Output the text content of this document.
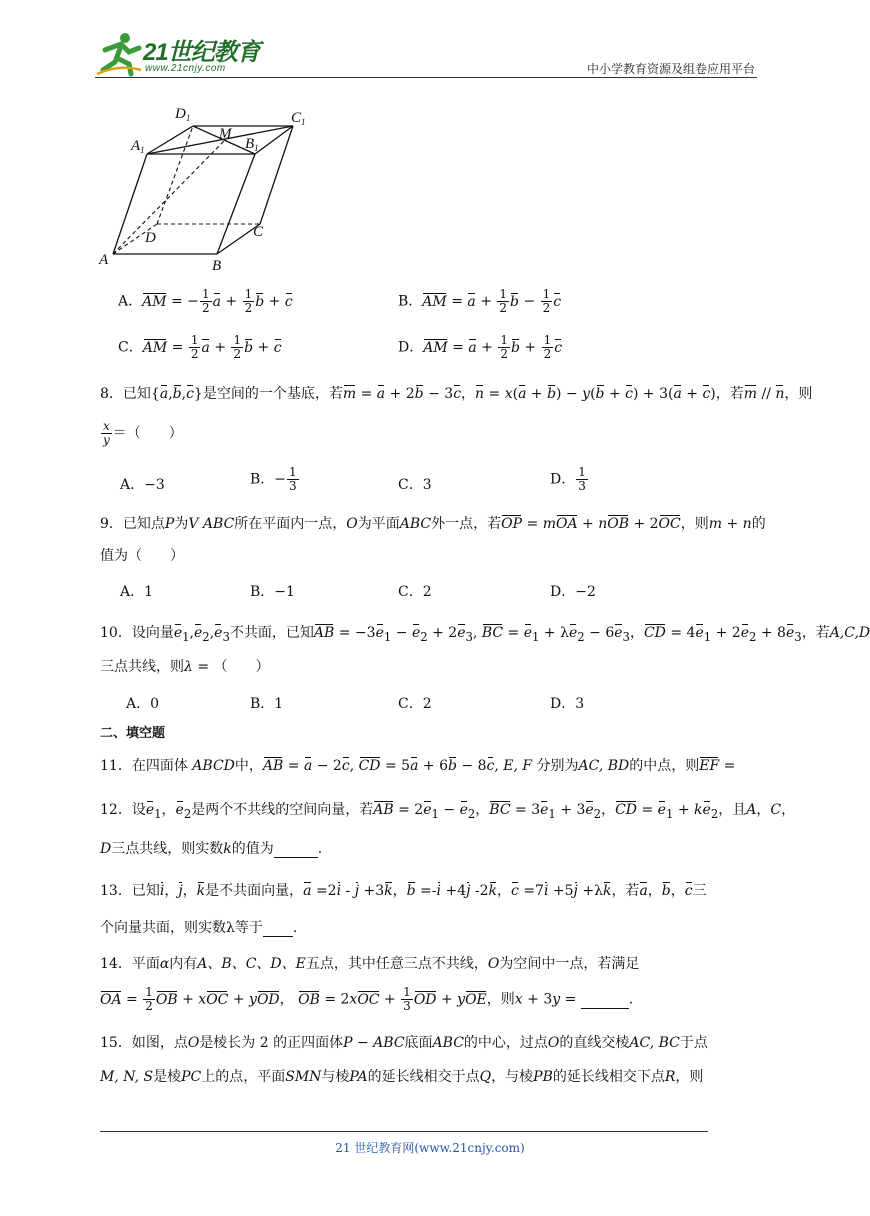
21世纪教育
www.21cnjy.com	中小学教育资源及组卷应用平台
$D_1$
M
$C_1$
$A_1$	$B_1$
D	C
A	B
A．AM = − $\frac{1}{2}$ $a + \frac{1}{2}$ b + c	B．AM = $a + \frac{1}{2}$ $b - \frac{1}{2}$ c
C．AM = $\frac{1}{2}$ $a + \frac{1}{2}$ b + c	D．AM = $a + \frac{1}{2}$ $b + \frac{1}{2}$ c
8．已知{a,b,c}是空间的一个基底，若m = a + 2b − 3c，n = x(a + b) − y(b + c) + 3(a + c)，若m // n，则
$\frac{x}{y}$ ＝（　　）
A．−3	B．− $\frac{1}{3}$	C．3	D． $\frac{1}{3}$
9．已知点P为V ABC所在平面内一点，O为平面ABC外一点，若OP = mOA + nOB + 2OC，则m + n的
值为（　　）
A．1	B．−1	C．2	D．−2
10．设向量$e_1,e_2,e_3$不共面，已知AB = $-3e_1 - e_2 + 2e_3$, BC = $e_1 + \lambda e_2 - 6e_3$，CD = $4e_1 + 2e_2 + 8e_3$，若A,C,D
三点共线，则λ = （　　）
A．0	B．1	C．2	D．3
二、填空题
11．在四面体 ABCD中，AB = a − 2c, CD = 5a + 6b − 8c, E, F 分别为AC, BD的中点，则EF =
12．设$e_1$，$e_2$是两个不共线的空间向量，若AB = $2e_1 - e_2$，BC = $3e_1 + 3e_2$，CD = $e_1 + ke_2$，且A，C，
D三点共线，则实数k的值为	.
13．已知i，j，k是不共面向量，a =2i - j +3k，b =-i +4j -2k，c =7i +5j +λk，若a，b，c三
个向量共面，则实数λ等于 .
14．平面α内有A、B、C、D、E五点，其中任意三点不共线，O为空间中一点，若满足
OA = $\frac{1}{2}$ OB + xOC + yOD， OB = $2xOC + \frac{1}{3}$ OD + yOE，则x + 3y =	.
15．如图，点O是棱长为 2 的正四面体P − ABC底面ABC的中心，过点O的直线交棱AC, BC于点
M, N, S是棱PC上的点，平面SMN与棱PA的延长线相交于点Q，与棱PB的延长线相交下点R，则
21 世纪教育网(www.21cnjy.com)
